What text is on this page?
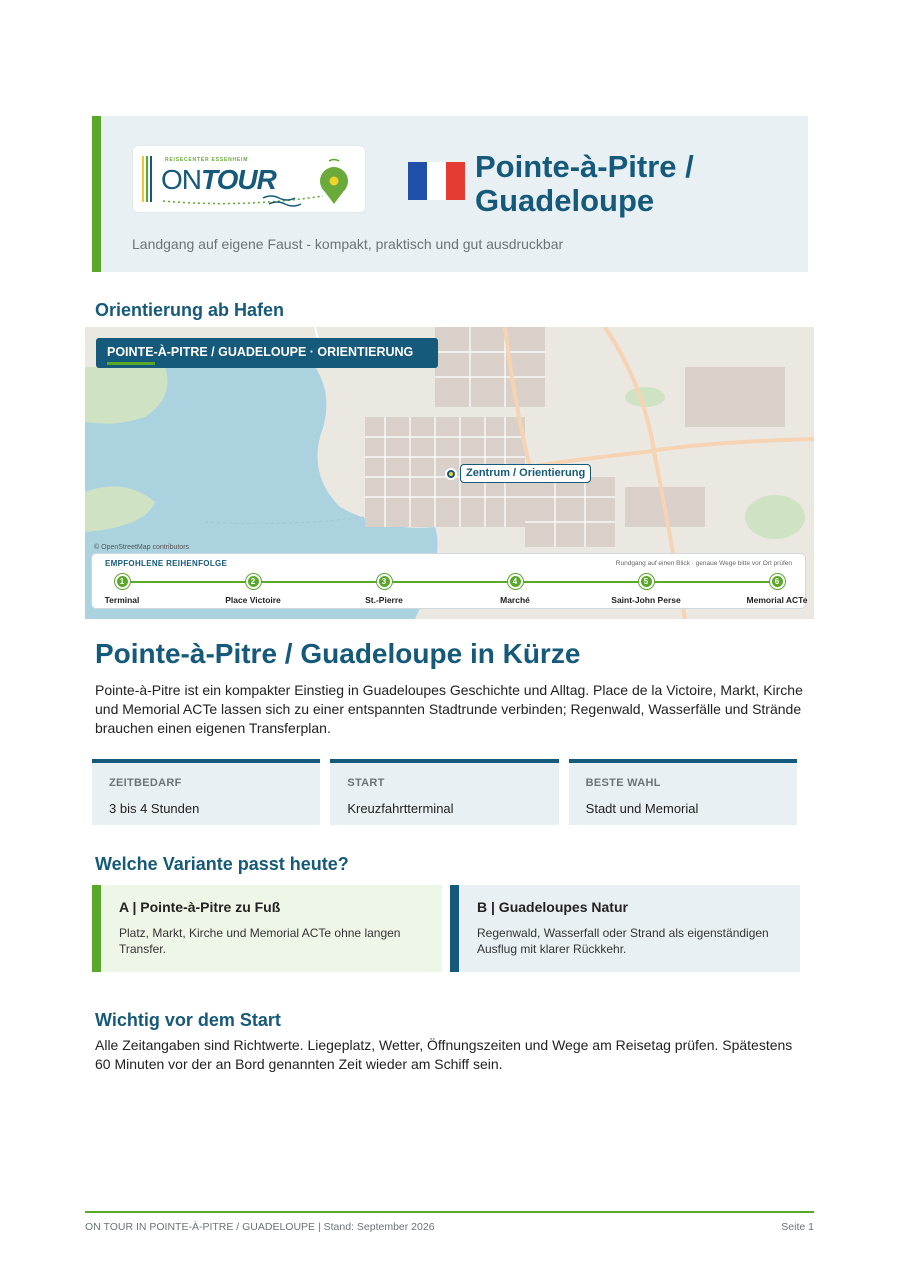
REISECENTER ESSENHEIM
ONTOUR	Pointe-à-Pitre /
Guadeloupe
Landgang auf eigene Faust - kompakt, praktisch und gut ausdruckbar
Orientierung ab Hafen
POINTE-À-PITRE / GUADELOUPE · ORIENTIERUNG
Zentrum / Orientierung
© OpenStreetMap contributors
EMPFOHLENE REIHENFOLGE	Rundgang auf einen Blick · genaue Wege bitte vor Ort prüfen
1
Terminal
2
Place Victoire
3
St.-Pierre
4
Marché
5
Saint-John Perse
6
Memorial ACTe
Pointe-à-Pitre / Guadeloupe in Kürze
Pointe-à-Pitre ist ein kompakter Einstieg in Guadeloupes Geschichte und Alltag. Place de la Victoire, Markt, Kirche und Memorial ACTe lassen sich zu einer entspannten Stadtrunde verbinden; Regenwald, Wasserfälle und Strände brauchen einen eigenen Transferplan.
ZEITBEDARF
3 bis 4 Stunden
START
Kreuzfahrtterminal
BESTE WAHL
Stadt und Memorial
Welche Variante passt heute?
A | Pointe-à-Pitre zu Fuß
Platz, Markt, Kirche und Memorial ACTe ohne langen Transfer.
B | Guadeloupes Natur
Regenwald, Wasserfall oder Strand als eigenständigen Ausflug mit klarer Rückkehr.
Wichtig vor dem Start
Alle Zeitangaben sind Richtwerte. Liegeplatz, Wetter, Öffnungszeiten und Wege am Reisetag prüfen. Spätestens 60 Minuten vor der an Bord genannten Zeit wieder am Schiff sein.
ON TOUR IN POINTE-À-PITRE / GUADELOUPE | Stand: September 2026	Seite 1
